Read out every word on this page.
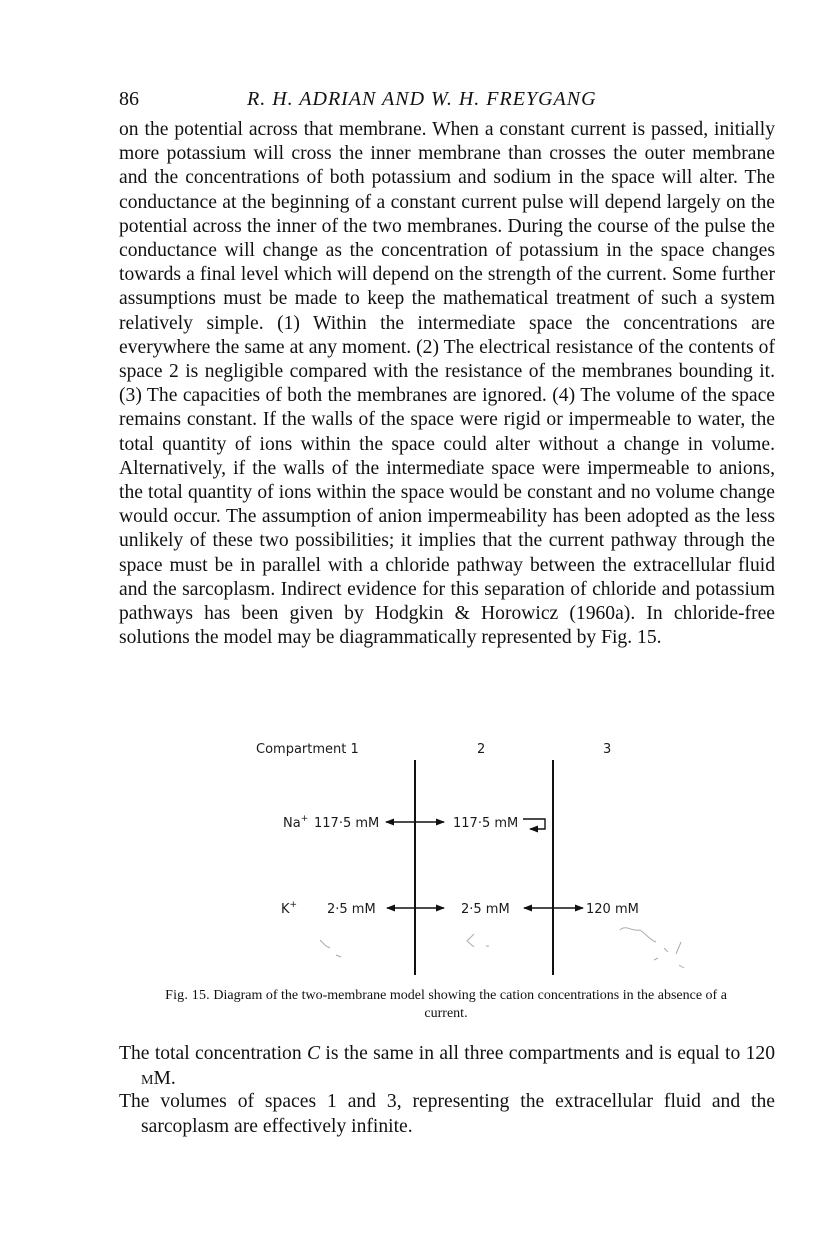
86	R. H. ADRIAN AND W. H. FREYGANG
on the potential across that membrane. When a constant current is passed, initially more potassium will cross the inner membrane than crosses the outer membrane and the concentrations of both potassium and sodium in the space will alter. The conductance at the beginning of a constant current pulse will depend largely on the potential across the inner of the two membranes. During the course of the pulse the conductance will change as the concentration of potassium in the space changes towards a final level which will depend on the strength of the current. Some further assumptions must be made to keep the mathematical treatment of such a system relatively simple. (1) Within the intermediate space the concentrations are everywhere the same at any moment. (2) The electrical resistance of the contents of space 2 is negligible compared with the resistance of the membranes bounding it. (3) The capacities of both the membranes are ignored. (4) The volume of the space remains constant. If the walls of the space were rigid or impermeable to water, the total quantity of ions within the space could alter without a change in volume. Alternatively, if the walls of the intermediate space were impermeable to anions, the total quantity of ions within the space would be constant and no volume change would occur. The assumption of anion impermeability has been adopted as the less unlikely of these two possibilities; it implies that the current pathway through the space must be in parallel with a chloride pathway between the extracellular fluid and the sarcoplasm. Indirect evidence for this separation of chloride and potassium pathways has been given by Hodgkin & Horowicz (1960a). In chloride-free solutions the model may be diagrammatically represented by Fig. 15.
Compartment 1	2	3
Na+ 117·5 mM	117·5 mM
K+ 2·5 mM	2·5 mM	120 mM
Fig. 15. Diagram of the two-membrane model showing the cation concentrations in the absence of a current.
The total concentration C is the same in all three compartments and is equal to 120 mM.
The volumes of spaces 1 and 3, representing the extracellular fluid and the sarcoplasm are effectively infinite.
